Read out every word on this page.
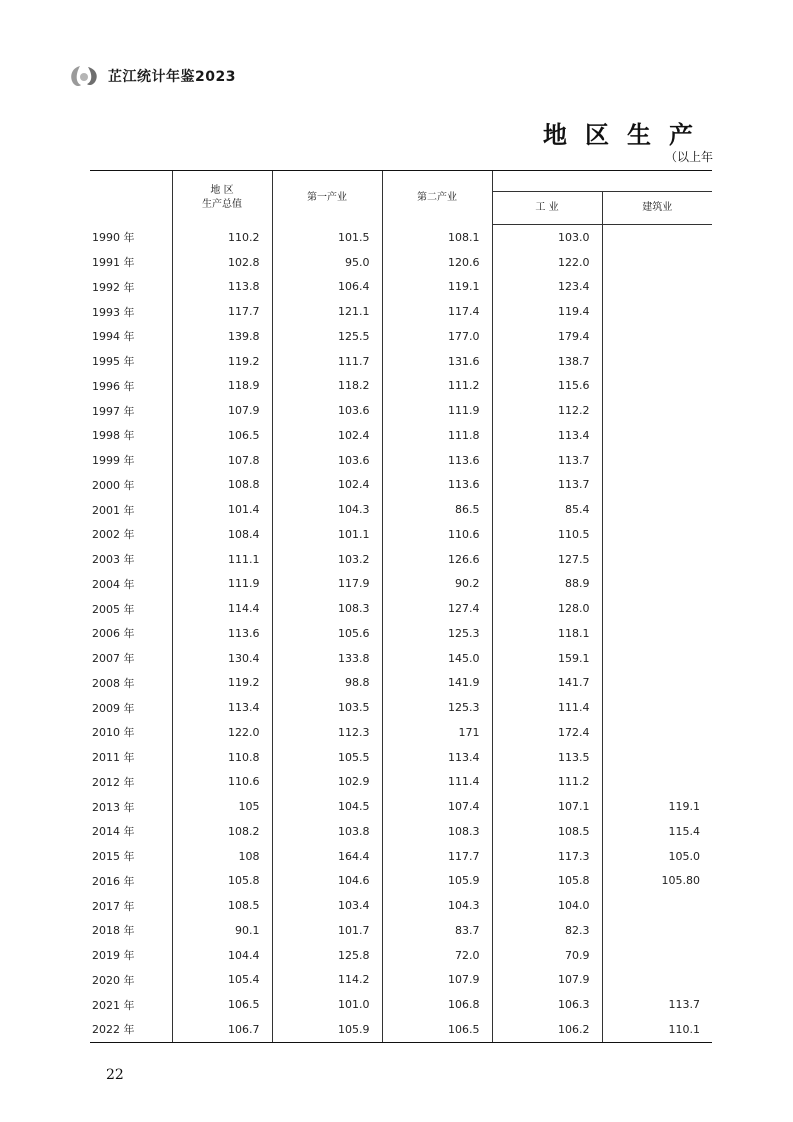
芷江统计年鉴2023
地区生产
（以上年
	地 区
生产总值	第一产业	第二产业		
				工 业	建筑业
1990 年	110.2	101.5	108.1	103.0	
1991 年	102.8	95.0	120.6	122.0	
1992 年	113.8	106.4	119.1	123.4	
1993 年	117.7	121.1	117.4	119.4	
1994 年	139.8	125.5	177.0	179.4	
1995 年	119.2	111.7	131.6	138.7	
1996 年	118.9	118.2	111.2	115.6	
1997 年	107.9	103.6	111.9	112.2	
1998 年	106.5	102.4	111.8	113.4	
1999 年	107.8	103.6	113.6	113.7	
2000 年	108.8	102.4	113.6	113.7	
2001 年	101.4	104.3	86.5	85.4	
2002 年	108.4	101.1	110.6	110.5	
2003 年	111.1	103.2	126.6	127.5	
2004 年	111.9	117.9	90.2	88.9	
2005 年	114.4	108.3	127.4	128.0	
2006 年	113.6	105.6	125.3	118.1	
2007 年	130.4	133.8	145.0	159.1	
2008 年	119.2	98.8	141.9	141.7	
2009 年	113.4	103.5	125.3	111.4	
2010 年	122.0	112.3	171	172.4	
2011 年	110.8	105.5	113.4	113.5	
2012 年	110.6	102.9	111.4	111.2	
2013 年	105	104.5	107.4	107.1	119.1
2014 年	108.2	103.8	108.3	108.5	115.4
2015 年	108	164.4	117.7	117.3	105.0
2016 年	105.8	104.6	105.9	105.8	105.80
2017 年	108.5	103.4	104.3	104.0	
2018 年	90.1	101.7	83.7	82.3	
2019 年	104.4	125.8	72.0	70.9	
2020 年	105.4	114.2	107.9	107.9	
2021 年	106.5	101.0	106.8	106.3	113.7
2022 年	106.7	105.9	106.5	106.2	110.1
22
